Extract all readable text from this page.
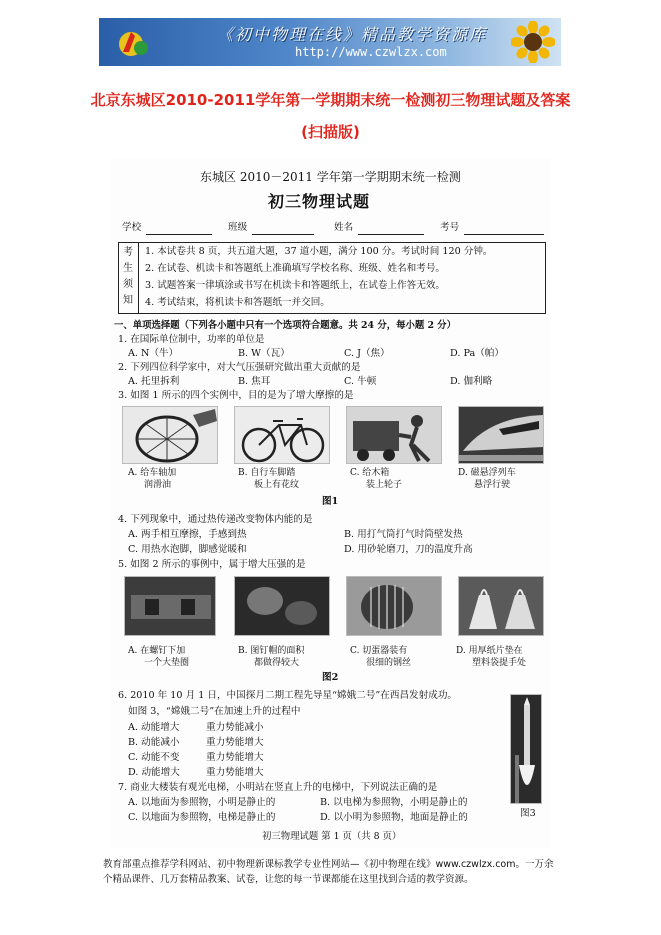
《初中物理在线》精品教学资源库
http://www.czwlzx.com
北京东城区2010-2011学年第一学期期末统一检测初三物理试题及答案
(扫描版)
东城区 2010－2011 学年第一学期期末统一检测
初三物理试题
学校	班级	姓名	考号
考
生
须
知
1. 本试卷共 8 页，共五道大题，37 道小题，满分 100 分。考试时间 120 分钟。
2. 在试卷、机读卡和答题纸上准确填写学校名称、班级、姓名和考号。
3. 试题答案一律填涂或书写在机读卡和答题纸上，在试卷上作答无效。
4. 考试结束，将机读卡和答题纸一并交回。
一、单项选择题（下列各小题中只有一个选项符合题意。共 24 分，每小题 2 分）
1. 在国际单位制中，功率的单位是
A. N（牛）	B. W（瓦）	C. J（焦）	D. Pa（帕）
2. 下列四位科学家中，对大气压强研究做出重大贡献的是
A. 托里拆利	B. 焦耳	C. 牛顿	D. 伽利略
3. 如图 1 所示的四个实例中，目的是为了增大摩擦的是
A. 给车轴加
润滑油
B. 自行车脚踏
板上有花纹
C. 给木箱
装上轮子
D. 磁悬浮列车
悬浮行驶
图1
4. 下列现象中，通过热传递改变物体内能的是
A. 两手相互摩擦，手感到热	B. 用打气筒打气时筒壁发热
C. 用热水泡脚，脚感觉暖和	D. 用砂轮磨刀，刀的温度升高
5. 如图 2 所示的事例中，属于增大压强的是
A. 在螺钉下加
一个大垫圈
B. 图钉帽的面积
都做得较大
C. 切蛋器装有
很细的钢丝
D. 用厚纸片垫在
塑料袋提手处
图2
6. 2010 年 10 月 1 日，中国探月二期工程先导星“嫦娥二号”在西昌发射成功。
如图 3，“嫦娥二号”在加速上升的过程中
A. 动能增大	重力势能减小
B. 动能减小	重力势能增大
C. 动能不变	重力势能增大
D. 动能增大	重力势能增大
图3
7. 商业大楼装有观光电梯，小明站在竖直上升的电梯中，下列说法正确的是
A. 以地面为参照物，小明是静止的	B. 以电梯为参照物，小明是静止的
C. 以地面为参照物，电梯是静止的	D. 以小明为参照物，地面是静止的
初三物理试题 第 1 页（共 8 页）
教育部重点推荐学科网站、初中物理新课标教学专业性网站—《初中物理在线》www.czwlzx.com。一万余
个精品课件、几万套精品教案、试卷，让您的每一节课都能在这里找到合适的教学资源。
